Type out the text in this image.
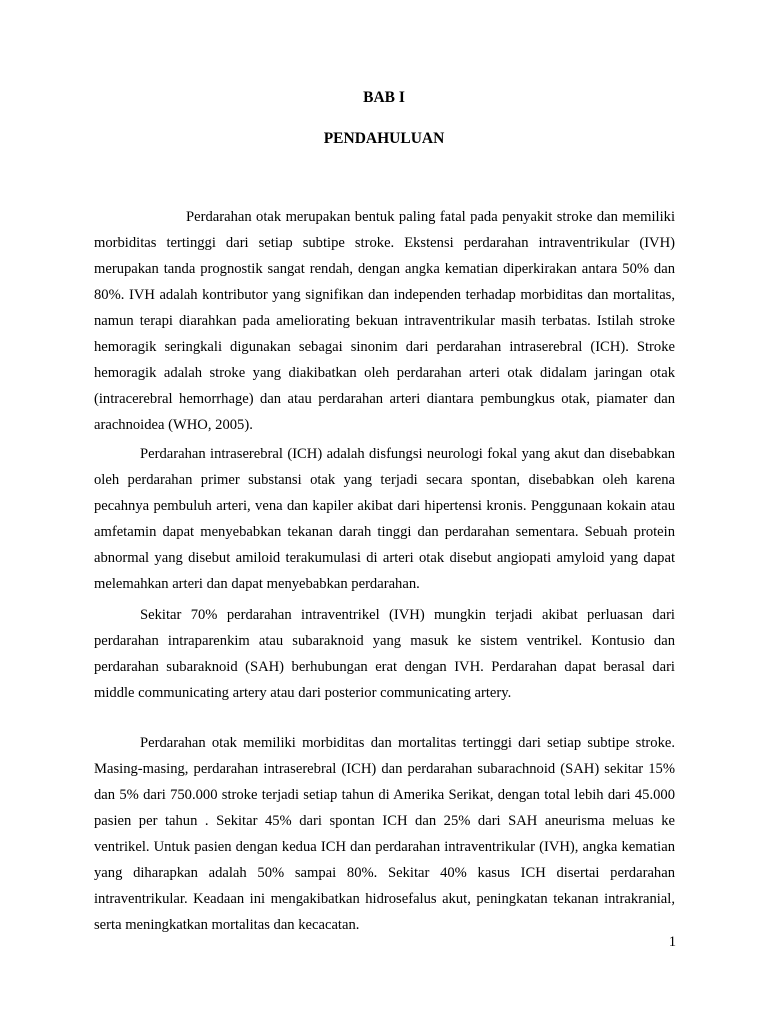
BAB I
PENDAHULUAN

Perdarahan otak merupakan bentuk paling fatal pada penyakit stroke dan memiliki morbiditas tertinggi dari setiap subtipe stroke. Ekstensi perdarahan intraventrikular (IVH) merupakan tanda prognostik sangat rendah, dengan angka kematian diperkirakan antara 50% dan 80%. IVH adalah kontributor yang signifikan dan independen terhadap morbiditas dan mortalitas, namun terapi diarahkan pada ameliorating bekuan intraventrikular masih terbatas. Istilah stroke hemoragik seringkali digunakan sebagai sinonim dari perdarahan intraserebral (ICH). Stroke hemoragik adalah stroke yang diakibatkan oleh perdarahan arteri otak didalam jaringan otak (intracerebral hemorrhage) dan atau perdarahan arteri diantara pembungkus otak, piamater dan arachnoidea (WHO, 2005).

Perdarahan intraserebral (ICH) adalah disfungsi neurologi fokal yang akut dan disebabkan oleh perdarahan primer substansi otak yang terjadi secara spontan, disebabkan oleh karena pecahnya pembuluh arteri, vena dan kapiler akibat dari hipertensi kronis. Penggunaan kokain atau amfetamin dapat menyebabkan tekanan darah tinggi dan perdarahan sementara. Sebuah protein abnormal yang disebut amiloid terakumulasi di arteri otak disebut angiopati amyloid yang dapat melemahkan arteri dan dapat menyebabkan perdarahan.

Sekitar 70% perdarahan intraventrikel (IVH) mungkin terjadi akibat perluasan dari perdarahan intraparenkim atau subaraknoid yang masuk ke sistem ventrikel. Kontusio dan perdarahan subaraknoid (SAH) berhubungan erat dengan IVH. Perdarahan dapat berasal dari middle communicating artery atau dari posterior communicating artery.

Perdarahan otak memiliki morbiditas dan mortalitas tertinggi dari setiap subtipe stroke. Masing-masing, perdarahan intraserebral (ICH) dan perdarahan subarachnoid (SAH) sekitar 15% dan 5% dari 750.000 stroke terjadi setiap tahun di Amerika Serikat, dengan total lebih dari 45.000 pasien per tahun . Sekitar 45% dari spontan ICH dan 25% dari SAH aneurisma meluas ke ventrikel. Untuk pasien dengan kedua ICH dan perdarahan intraventrikular (IVH), angka kematian yang diharapkan adalah 50% sampai 80%. Sekitar 40% kasus ICH disertai perdarahan intraventrikular. Keadaan ini mengakibatkan hidrosefalus akut, peningkatan tekanan intrakranial, serta meningkatkan mortalitas dan kecacatan.

1
